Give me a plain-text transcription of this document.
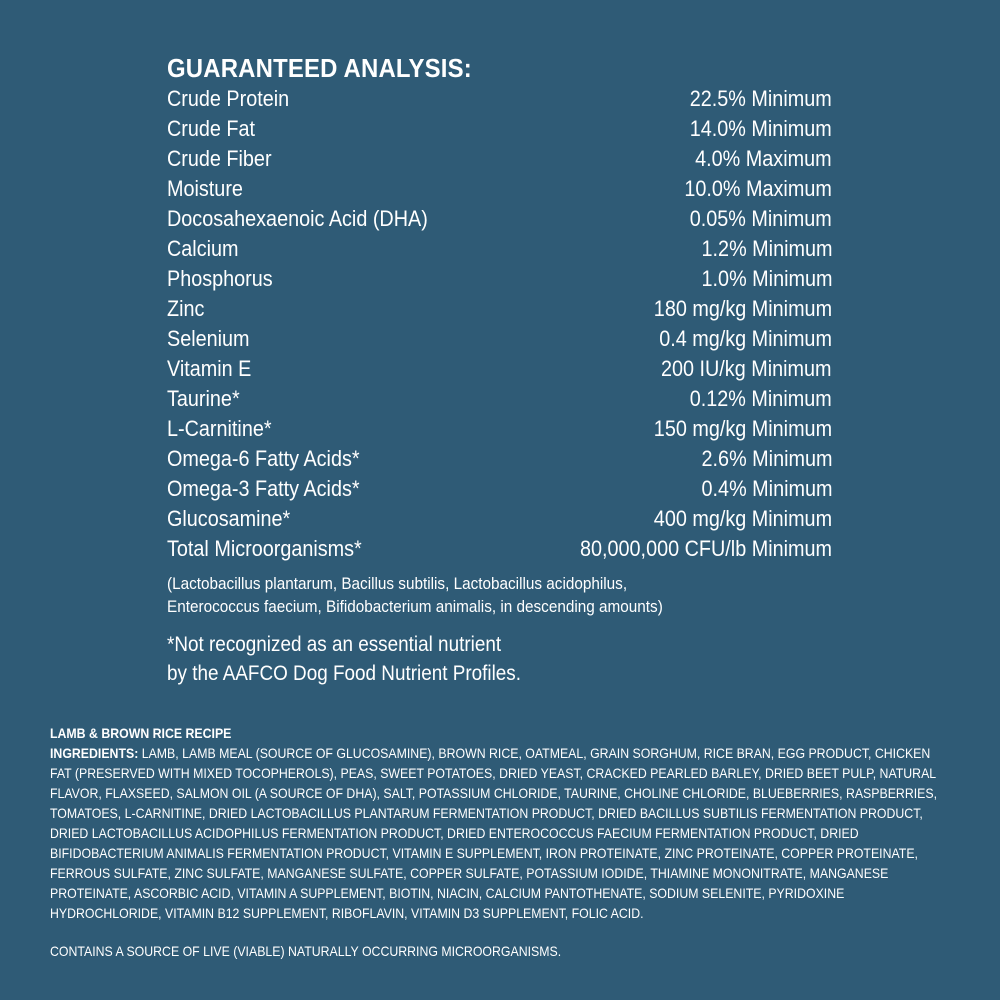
GUARANTEED ANALYSIS:
Crude Protein	22.5% Minimum
Crude Fat	14.0% Minimum
Crude Fiber	4.0% Maximum
Moisture	10.0% Maximum
Docosahexaenoic Acid (DHA)	0.05% Minimum
Calcium	1.2% Minimum
Phosphorus	1.0% Minimum
Zinc	180 mg/kg Minimum
Selenium	0.4 mg/kg Minimum
Vitamin E	200 IU/kg Minimum
Taurine*	0.12% Minimum
L-Carnitine*	150 mg/kg Minimum
Omega-6 Fatty Acids*	2.6% Minimum
Omega-3 Fatty Acids*	0.4% Minimum
Glucosamine*	400 mg/kg Minimum
Total Microorganisms*	80,000,000 CFU/lb Minimum
(Lactobacillus plantarum, Bacillus subtilis, Lactobacillus acidophilus,
Enterococcus faecium, Bifidobacterium animalis, in descending amounts)
*Not recognized as an essential nutrient
by the AAFCO Dog Food Nutrient Profiles.
LAMB & BROWN RICE RECIPE
INGREDIENTS: LAMB, LAMB MEAL (SOURCE OF GLUCOSAMINE), BROWN RICE, OATMEAL, GRAIN SORGHUM, RICE BRAN, EGG PRODUCT, CHICKEN
FAT (PRESERVED WITH MIXED TOCOPHEROLS), PEAS, SWEET POTATOES, DRIED YEAST, CRACKED PEARLED BARLEY, DRIED BEET PULP, NATURAL
FLAVOR, FLAXSEED, SALMON OIL (A SOURCE OF DHA), SALT, POTASSIUM CHLORIDE, TAURINE, CHOLINE CHLORIDE, BLUEBERRIES, RASPBERRIES,
TOMATOES, L-CARNITINE, DRIED LACTOBACILLUS PLANTARUM FERMENTATION PRODUCT, DRIED BACILLUS SUBTILIS FERMENTATION PRODUCT,
DRIED LACTOBACILLUS ACIDOPHILUS FERMENTATION PRODUCT, DRIED ENTEROCOCCUS FAECIUM FERMENTATION PRODUCT, DRIED
BIFIDOBACTERIUM ANIMALIS FERMENTATION PRODUCT, VITAMIN E SUPPLEMENT, IRON PROTEINATE, ZINC PROTEINATE, COPPER PROTEINATE,
FERROUS SULFATE, ZINC SULFATE, MANGANESE SULFATE, COPPER SULFATE, POTASSIUM IODIDE, THIAMINE MONONITRATE, MANGANESE
PROTEINATE, ASCORBIC ACID, VITAMIN A SUPPLEMENT, BIOTIN, NIACIN, CALCIUM PANTOTHENATE, SODIUM SELENITE, PYRIDOXINE
HYDROCHLORIDE, VITAMIN B12 SUPPLEMENT, RIBOFLAVIN, VITAMIN D3 SUPPLEMENT, FOLIC ACID.
CONTAINS A SOURCE OF LIVE (VIABLE) NATURALLY OCCURRING MICROORGANISMS.
